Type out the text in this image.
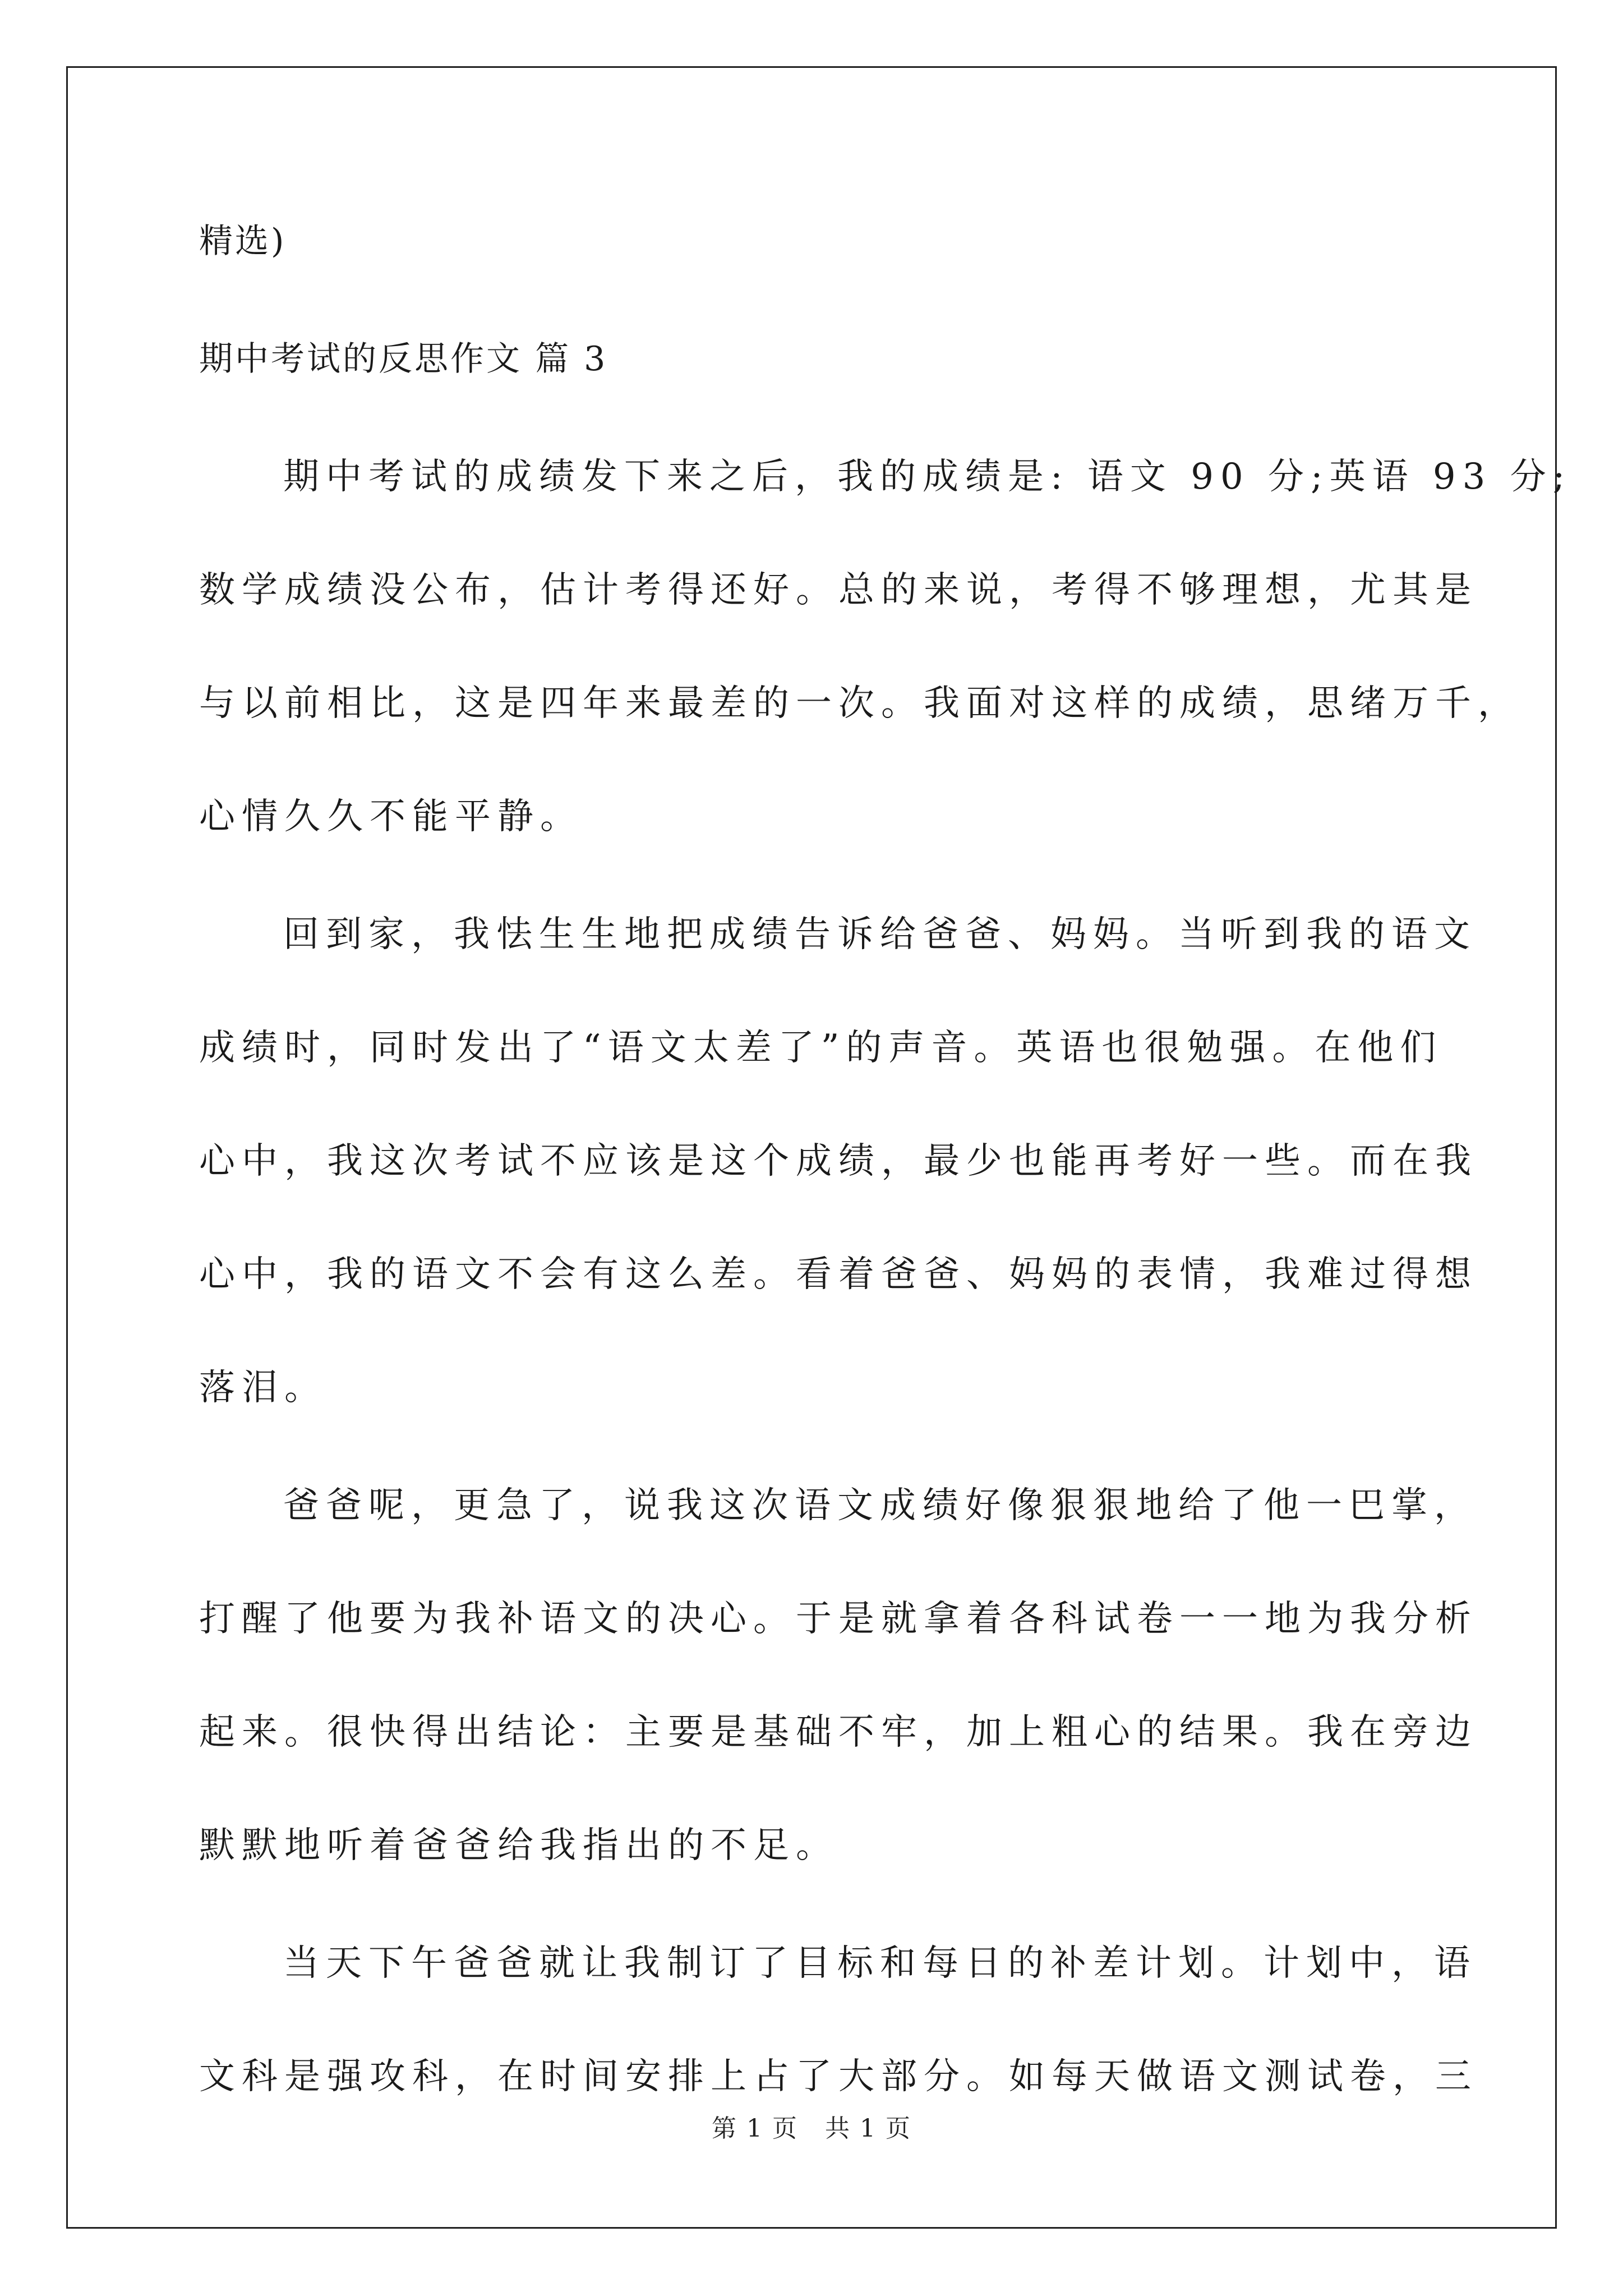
精选)
期中考试的反思作文 篇 3
期中考试的成绩发下来之后，我的成绩是: 语文 90 分;英语 93 分;
数学成绩没公布，估计考得还好。总的来说，考得不够理想，尤其是
与以前相比，这是四年来最差的一次。我面对这样的成绩，思绪万千，
心情久久不能平静。
回到家，我怯生生地把成绩告诉给爸爸、妈妈。当听到我的语文
成绩时，同时发出了“语文太差了”的声音。英语也很勉强。在他们
心中，我这次考试不应该是这个成绩，最少也能再考好一些。而在我
心中，我的语文不会有这么差。看着爸爸、妈妈的表情，我难过得想
落泪。
爸爸呢，更急了，说我这次语文成绩好像狠狠地给了他一巴掌，
打醒了他要为我补语文的决心。于是就拿着各科试卷一一地为我分析
起来。很快得出结论：主要是基础不牢，加上粗心的结果。我在旁边
默默地听着爸爸给我指出的不足。
当天下午爸爸就让我制订了目标和每日的补差计划。计划中，语
文科是强攻科，在时间安排上占了大部分。如每天做语文测试卷，三
第 1 页 共 1 页
